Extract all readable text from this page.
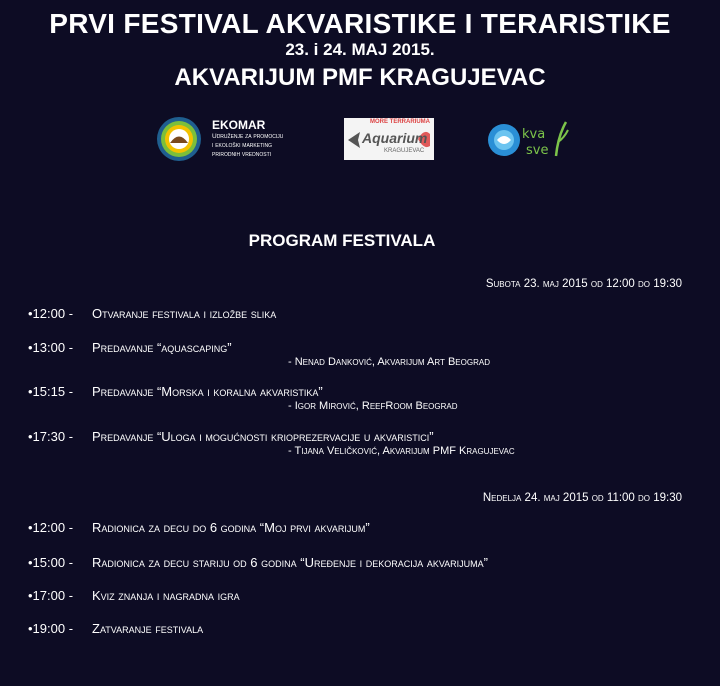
PRVI FESTIVAL AKVARISTIKE I TERARISTIKE
23. i 24. MAJ 2015.
AKVARIJUM PMF KRAGUJEVAC
EKOMAR
Udruženje za promociju
i ekološki marketing
prirodnih vrednosti
MORE TERRARIUMA
Aquarium
KRAGUJEVAC
kva
sve
PROGRAM FESTIVALA
Subota 23. maj 2015 od 12:00 do 19:30
•12:00 - Otvaranje festivala i izložbe slika
•13:00 - Predavanje “aquascaping”
- Nenad Danković, Akvarijum Art Beograd
•15:15 - Predavanje “Morska i koralna akvaristika”
- Igor Mirović, ReefRoom Beograd
•17:30 - Predavanje “Uloga i mogućnosti krioprezervacije u akvaristici”
- Tijana Veličković, Akvarijum PMF Kragujevac
Nedelja 24. maj 2015 od 11:00 do 19:30
•12:00 - Radionica za decu do 6 godina “Moj prvi akvarijum”
•15:00 - Radionica za decu stariju od 6 godina “Uređenje i dekoracija akvarijuma”
•17:00 - Kviz znanja i nagradna igra
•19:00 - Zatvaranje festivala
